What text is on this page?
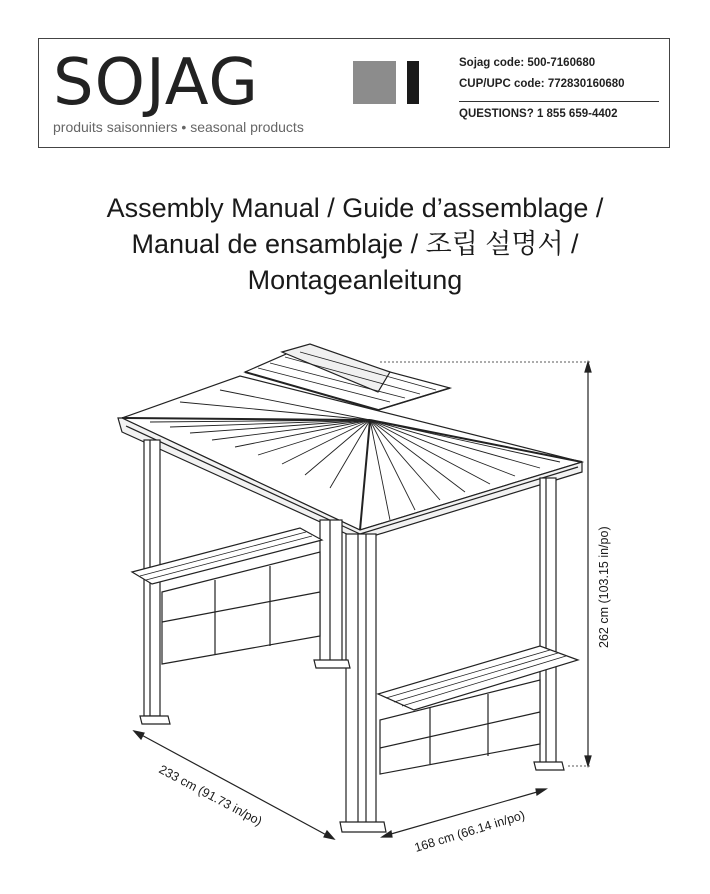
SOJAG
produits saisonniers • seasonal products
Sojag code: 500-7160680
CUP/UPC code: 772830160680
QUESTIONS? 1 855 659-4402
Assembly Manual / Guide d’assemblage /
Manual de ensamblaje / 조립 설명서 /
Montageanleitung
262 cm (103.15 in/po)
233 cm (91.73 in/po)
168 cm (66.14 in/po)
